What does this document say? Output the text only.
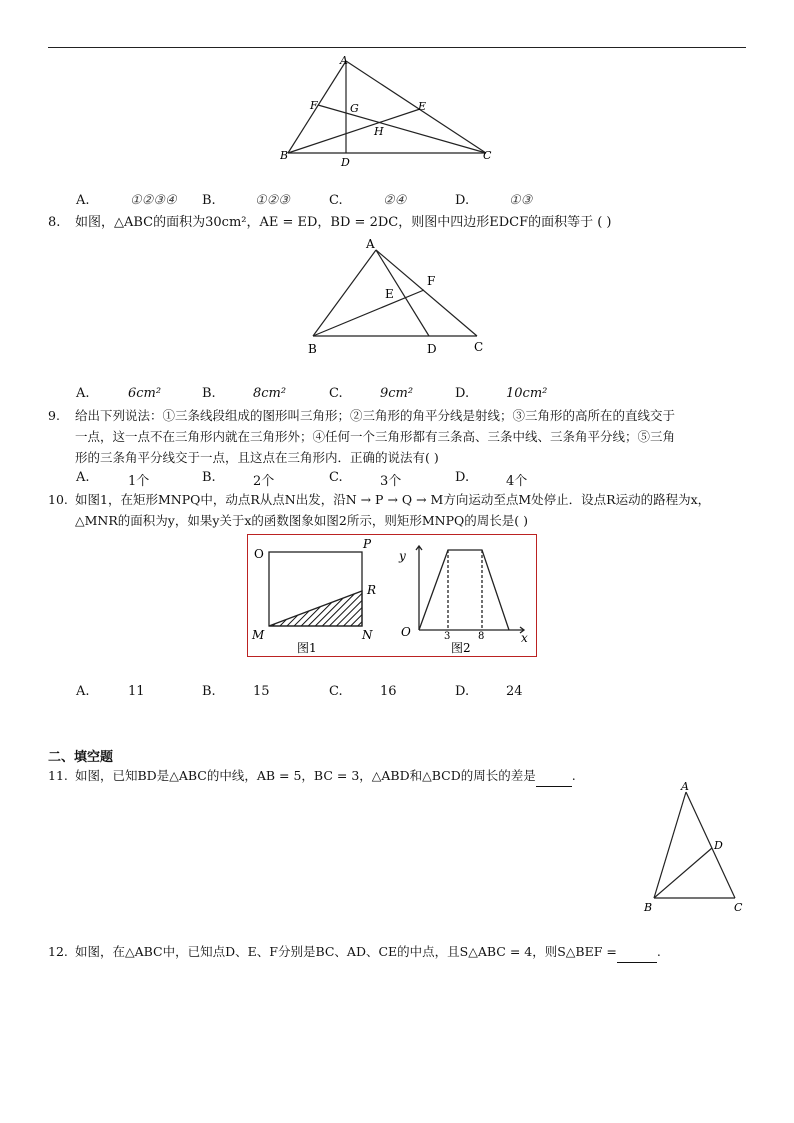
A
F	G	E
H
B
D
C
A.	①②③④ B.	①②③	C.	②④	D.	①③
8. 如图，△ABC的面积为30cm²，AE = ED，BD = 2DC，则图中四边形EDCF的面积等于 ( )
A
F
E
B	D	C
A.	6cm²	B.	8cm²	C.	9cm²	D.	10cm²
9. 给出下列说法：①三条线段组成的图形叫三角形；②三角形的角平分线是射线；③三角形的高所在的直线交于
一点，这一点不在三角形内就在三角形外；④任何一个三角形都有三条高、三条中线、三条角平分线；⑤三角
形的三条角平分线交于一点，且这点在三角形内．正确的说法有( )
A.	1个	B.	2个	C.	3个	D.	4个
10. 如图1，在矩形MNPQ中，动点R从点N出发，沿N → P → Q → M方向运动至点M处停止．设点R运动的路程为x，
△MNR的面积为y，如果y关于x的函数图象如图2所示，则矩形MNPQ的周长是( )
O
P
R
M	N
图1
y
O	3	8	x
图2
A.	11	B.	15	C.	16	D.	24
二、填空题
11. 如图，已知BD是△ABC的中线，AB = 5，BC = 3，△ABD和△BCD的周长的差是	.
A
D
B	C
12. 如图，在△ABC中，已知点D、E、F分别是BC、AD、CE的中点，且S△ABC = 4，则S△BEF =	.
